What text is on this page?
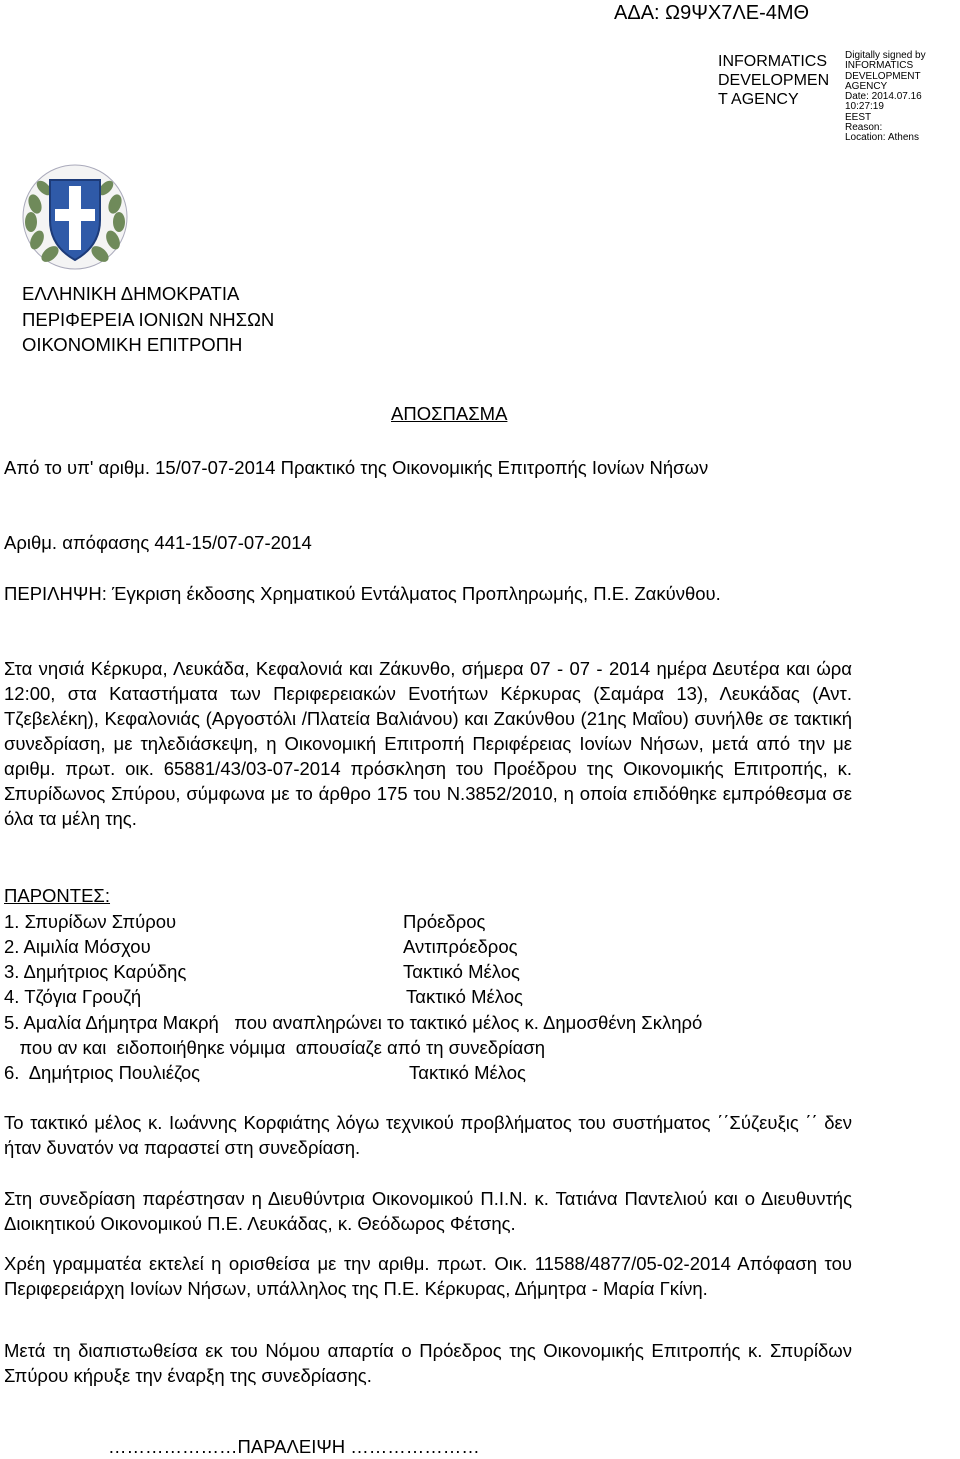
ΑΔΑ: Ω9ΨΧ7ΛΕ-4ΜΘ
INFORMATICS
DEVELOPMEN
T AGENCY
Digitally signed by
INFORMATICS
DEVELOPMENT AGENCY
Date: 2014.07.16 10:27:19
EEST
Reason:
Location: Athens
ΕΛΛΗΝΙΚΗ ΔΗΜΟΚΡΑΤΙΑ
ΠΕΡΙΦΕΡΕΙΑ ΙΟΝΙΩΝ ΝΗΣΩΝ
ΟΙΚΟΝΟΜΙΚΗ ΕΠΙΤΡΟΠΗ
ΑΠΟΣΠΑΣΜΑ
Από το υπ' αριθμ. 15/07-07-2014 Πρακτικό της Οικονομικής Επιτροπής Ιονίων Νήσων
Αριθμ. απόφασης 441-15/07-07-2014
ΠΕΡΙΛΗΨΗ: Έγκριση έκδοσης Χρηματικού Εντάλματος Προπληρωμής, Π.Ε. Ζακύνθου.
Στα νησιά Κέρκυρα, Λευκάδα, Κεφαλονιά και Ζάκυνθο, σήμερα 07 - 07 - 2014 ημέρα Δευτέρα και ώρα 12:00, στα Καταστήματα των Περιφερειακών Ενοτήτων Κέρκυρας (Σαμάρα 13), Λευκάδας (Αντ. Τζεβελέκη), Κεφαλονιάς (Αργοστόλι /Πλατεία Βαλιάνου) και Ζακύνθου (21ης Μαΐου) συνήλθε σε τακτική συνεδρίαση, με τηλεδιάσκεψη, η Οικονομική Επιτροπή Περιφέρειας Ιονίων Νήσων, μετά από την με αριθμ. πρωτ. οικ. 65881/43/03-07-2014 πρόσκληση του Προέδρου της Οικονομικής Επιτροπής, κ. Σπυρίδωνος Σπύρου, σύμφωνα με το άρθρο 175 του Ν.3852/2010, η οποία επιδόθηκε εμπρόθεσμα σε όλα τα μέλη της.
ΠΑΡΟΝΤΕΣ:
1. Σπυρίδων Σπύρου	Πρόεδρος
2. Αιμιλία Μόσχου	Αντιπρόεδρος
3. Δημήτριος Καρύδης	Τακτικό Μέλος
4. Τζόγια Γρουζή	Τακτικό Μέλος
5. Αμαλία Δήμητρα Μακρή   που αναπληρώνει το τακτικό μέλος κ. Δημοσθένη Σκληρό
που αν και  ειδοποιήθηκε νόμιμα  απουσίαζε από τη συνεδρίαση
6.  Δημήτριος Πουλιέζος	Τακτικό Μέλος
Το τακτικό μέλος κ. Ιωάννης Κορφιάτης λόγω τεχνικού προβλήματος του συστήματος ΄΄Σύζευξις ΄΄ δεν ήταν δυνατόν να παραστεί στη συνεδρίαση.
Στη συνεδρίαση παρέστησαν η Διευθύντρια Οικονομικού Π.Ι.Ν. κ. Τατιάνα Παντελιού και ο Διευθυντής Διοικητικού Οικονομικού Π.Ε. Λευκάδας, κ. Θεόδωρος Φέτσης.
Χρέη γραμματέα εκτελεί η ορισθείσα με την αριθμ. πρωτ. Οικ. 11588/4877/05-02-2014 Απόφαση του Περιφερειάρχη Ιονίων Νήσων, υπάλληλος της Π.Ε. Κέρκυρας, Δήμητρα - Μαρία Γκίνη.
Μετά τη διαπιστωθείσα εκ του Νόμου απαρτία ο Πρόεδρος της Οικονομικής Επιτροπής κ. Σπυρίδων Σπύρου κήρυξε την έναρξη της συνεδρίασης.
…………………ΠΑΡΑΛΕΙΨΗ …………………
